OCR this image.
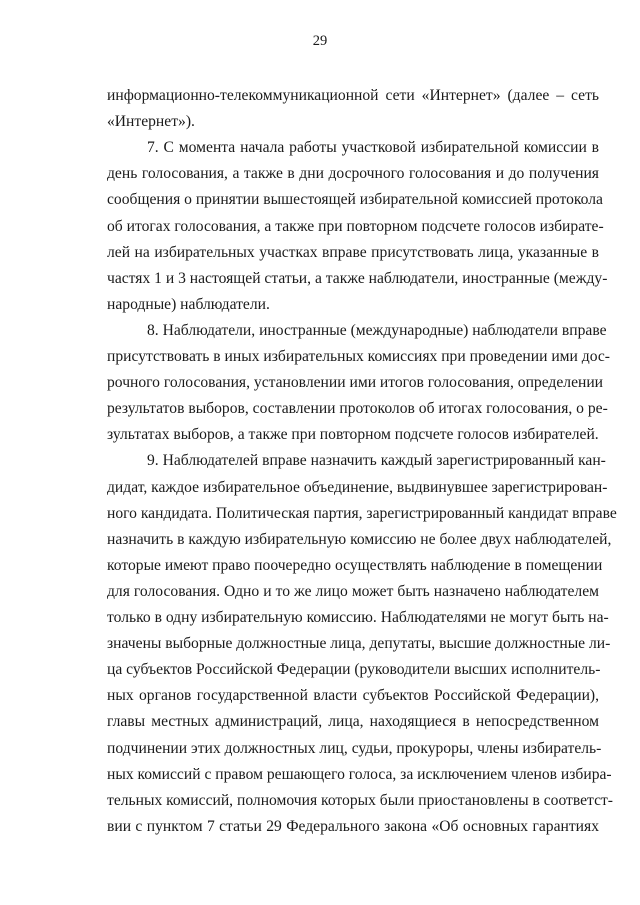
29
информационно-телекоммуникационной сети «Интернет» (далее – сеть
«Интернет»).
7. С момента начала работы участковой избирательной комиссии в
день голосования, а также в дни досрочного голосования и до получения
сообщения о принятии вышестоящей избирательной комиссией протокола
об итогах голосования, а также при повторном подсчете голосов избирате-
лей на избирательных участках вправе присутствовать лица, указанные в
частях 1 и 3 настоящей статьи, а также наблюдатели, иностранные (между-
народные) наблюдатели.
8. Наблюдатели, иностранные (международные) наблюдатели вправе
присутствовать в иных избирательных комиссиях при проведении ими дос-
рочного голосования, установлении ими итогов голосования, определении
результатов выборов, составлении протоколов об итогах голосования, о ре-
зультатах выборов, а также при повторном подсчете голосов избирателей.
9. Наблюдателей вправе назначить каждый зарегистрированный кан-
дидат, каждое избирательное объединение, выдвинувшее зарегистрирован-
ного кандидата. Политическая партия, зарегистрированный кандидат вправе
назначить в каждую избирательную комиссию не более двух наблюдателей,
которые имеют право поочередно осуществлять наблюдение в помещении
для голосования. Одно и то же лицо может быть назначено наблюдателем
только в одну избирательную комиссию. Наблюдателями не могут быть на-
значены выборные должностные лица, депутаты, высшие должностные ли-
ца субъектов Российской Федерации (руководители высших исполнитель-
ных органов государственной власти субъектов Российской Федерации),
главы местных администраций, лица, находящиеся в непосредственном
подчинении этих должностных лиц, судьи, прокуроры, члены избиратель-
ных комиссий с правом решающего голоса, за исключением членов избира-
тельных комиссий, полномочия которых были приостановлены в соответст-
вии с пунктом 7 статьи 29 Федерального закона «Об основных гарантиях
